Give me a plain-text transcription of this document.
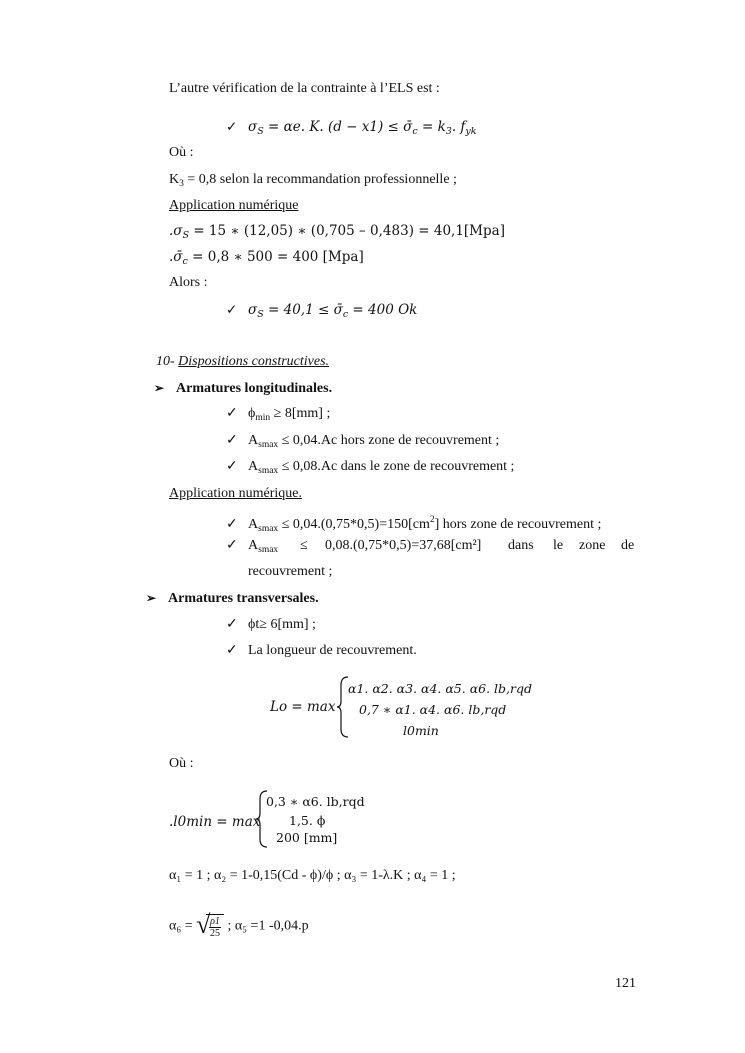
L’autre vérification de la contrainte à l’ELS est :
✓ $\sigma_S = \alpha e$. K. $(d - x1) \le \sigmā_c = k_3$. $f_{yk}$
Où :
$K_3 = 0,8$ selon la recommandation professionnelle ;
Application numérique
$.\sigma_S = 15$ ∗ (12,05) ∗ (0,705 – 0,483) = 40,1[Mpa]
$.\sigmā_c = 0,8$ ∗ 500 = 400 [Mpa]
Alors :
✓ $\sigma_S = 40,1$ ≤ $\sigmā_c = 400$ Ok
10- Dispositions constructives.
➢ Armatures longitudinales.
✓ $\phi_{min} \ge 8[mm]$ ;
✓ $A_{smax} \le 0,04.Ac$ hors zone de recouvrement ;
✓ $A_{smax} \le 0,08.Ac$ dans le zone de recouvrement ;
Application numérique.
✓ $A_{smax} \le 0,04.(0,75*0,5)=150[cm^2]$ hors zone de recouvrement ;
✓ $A_{smax} \le 0,08.(0,75*0,5)=37,68[cm^2]$ dans le zone de
recouvrement ;
➢ Armatures transversales.
✓ ϕt≥ 6[mm] ;
✓ La longueur de recouvrement.
Lo = max
α1. α2. α3. α4. α5. α6. lb,rqd
0,7 ∗ α1. α4. α6. lb,rqd
l0min
Où :
.l0min = max
0,3 ∗ α6. lb,rqd
1,5. ϕ
200 [mm]
α₁ = 1 ; α₂ = 1-0,15(Cd - ϕ)/ϕ ; α₃ = 1-λ.K ; α₄ = 1 ;
α₆ = √
$\frac{\rho 1}{25}$ ; α₅ =1 -0,04.p
121
